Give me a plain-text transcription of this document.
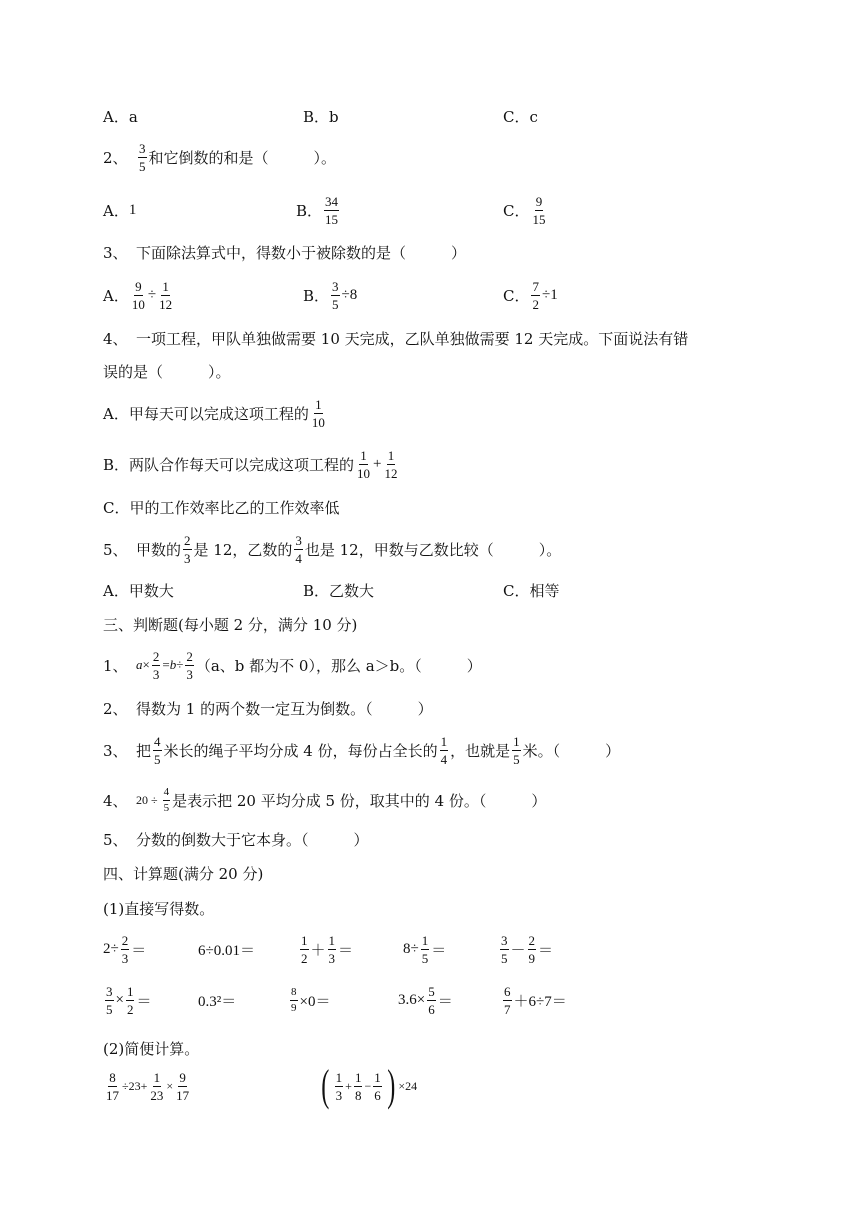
A．a	B．b	C．c
2、 $\frac{3}{5}$ 和它倒数的和是（　　　）。
A． 1	B． $\frac{34}{15}$	C． $\frac{9}{15}$
3、 下面除法算式中，得数小于被除数的是（　　　）
A． $\frac{9}{10} \div \frac{1}{12}$	B． $\frac{3}{5} \div 8$	C． $\frac{7}{2} \div 1$
4、 一项工程，甲队单独做需要 10 天完成，乙队单独做需要 12 天完成。下面说法有错
误的是（　　　）。
A．甲每天可以完成这项工程的 $\frac{1}{10}$
B．两队合作每天可以完成这项工程的 $\frac{1}{10} + \frac{1}{12}$
C．甲的工作效率比乙的工作效率低
5、 甲数的 $\frac{2}{3}$ 是 12，乙数的 $\frac{3}{4}$ 也是 12，甲数与乙数比较（　　　）。
A．甲数大	B．乙数大	C．相等
三、判断题(每小题 2 分，满分 10 分)
1、 $a \times \frac{2}{3} = b \div \frac{2}{3} (a$、b 都为不 0），那么 a＞b。（　　　）
2、 得数为 1 的两个数一定互为倒数。（　　　）
3、 把 $\frac{4}{5}$ 米长的绳子平均分成 4 份，每份占全长的 $\frac{1}{4}$ ，也就是 $\frac{1}{5}$ 米。（　　　）
4、 $20 \div \frac{4}{5}$ 是表示把 20 平均分成 5 份，取其中的 4 份。（　　　）
5、 分数的倒数大于它本身。（　　　）
四、计算题(满分 20 分)
(1)直接写得数。
$2\div \frac{2}{3}$ ＝	6÷0.01＝	$\frac{1}{2} + \frac{1}{3}$ ＝	$8\div \frac{1}{5}$ ＝	$\frac{3}{5} - \frac{2}{9}$ ＝
$\frac{3}{5} \times \frac{1}{2}$ ＝	0.3²＝	$\frac{8}{9} \times 0=$	$3.6\times \frac{5}{6}$ ＝	$\frac{6}{7} +6\div 7=$
(2)简便计算。
$\frac{8}{17} \div 23+ \frac{1}{23} \times \frac{9}{17}$	( $\frac{1}{3} + \frac{1}{8} - \frac{1}{6}$ ) ×24
